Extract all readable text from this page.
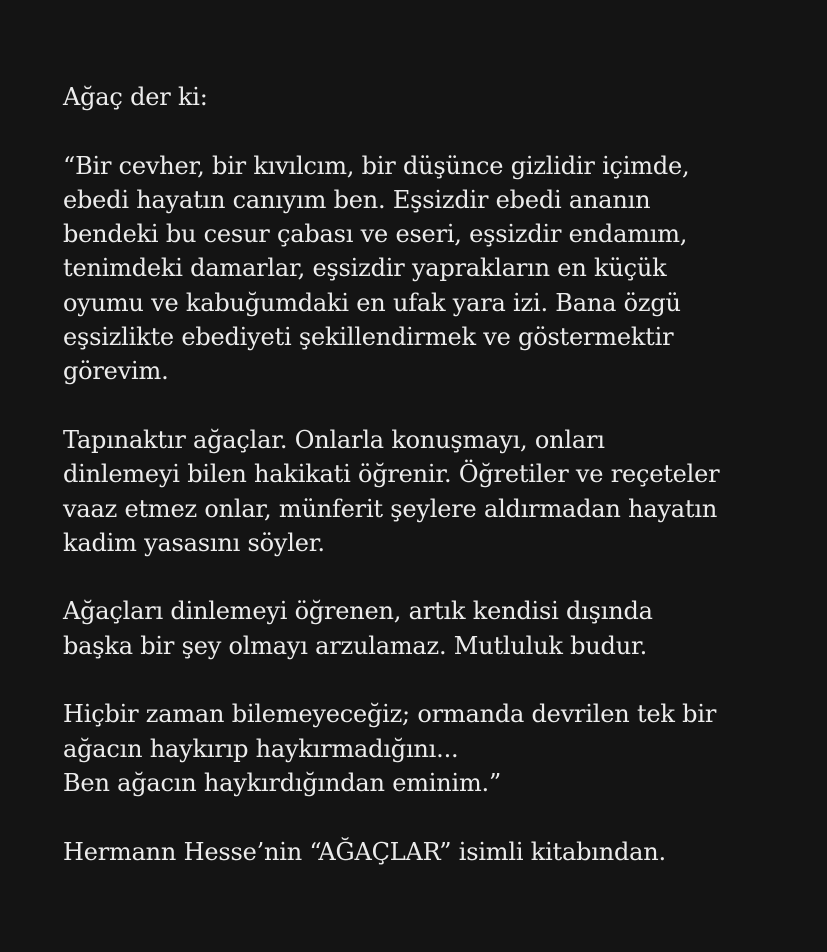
Ağaç der ki:

“Bir cevher, bir kıvılcım, bir düşünce gizlidir içimde,
ebedi hayatın canıyım ben. Eşsizdir ebedi ananın
bendeki bu cesur çabası ve eseri, eşsizdir endamım,
tenimdeki damarlar, eşsizdir yaprakların en küçük
oyumu ve kabuğumdaki en ufak yara izi. Bana özgü
eşsizlikte ebediyeti şekillendirmek ve göstermektir
görevim.

Tapınaktır ağaçlar. Onlarla konuşmayı, onları
dinlemeyi bilen hakikati öğrenir. Öğretiler ve reçeteler
vaaz etmez onlar, münferit şeylere aldırmadan hayatın
kadim yasasını söyler.

Ağaçları dinlemeyi öğrenen, artık kendisi dışında
başka bir şey olmayı arzulamaz. Mutluluk budur.

Hiçbir zaman bilemeyeceğiz; ormanda devrilen tek bir
ağacın haykırıp haykırmadığını...
Ben ağacın haykırdığından eminim.”

Hermann Hesse’nin “AĞAÇLAR” isimli kitabından.
